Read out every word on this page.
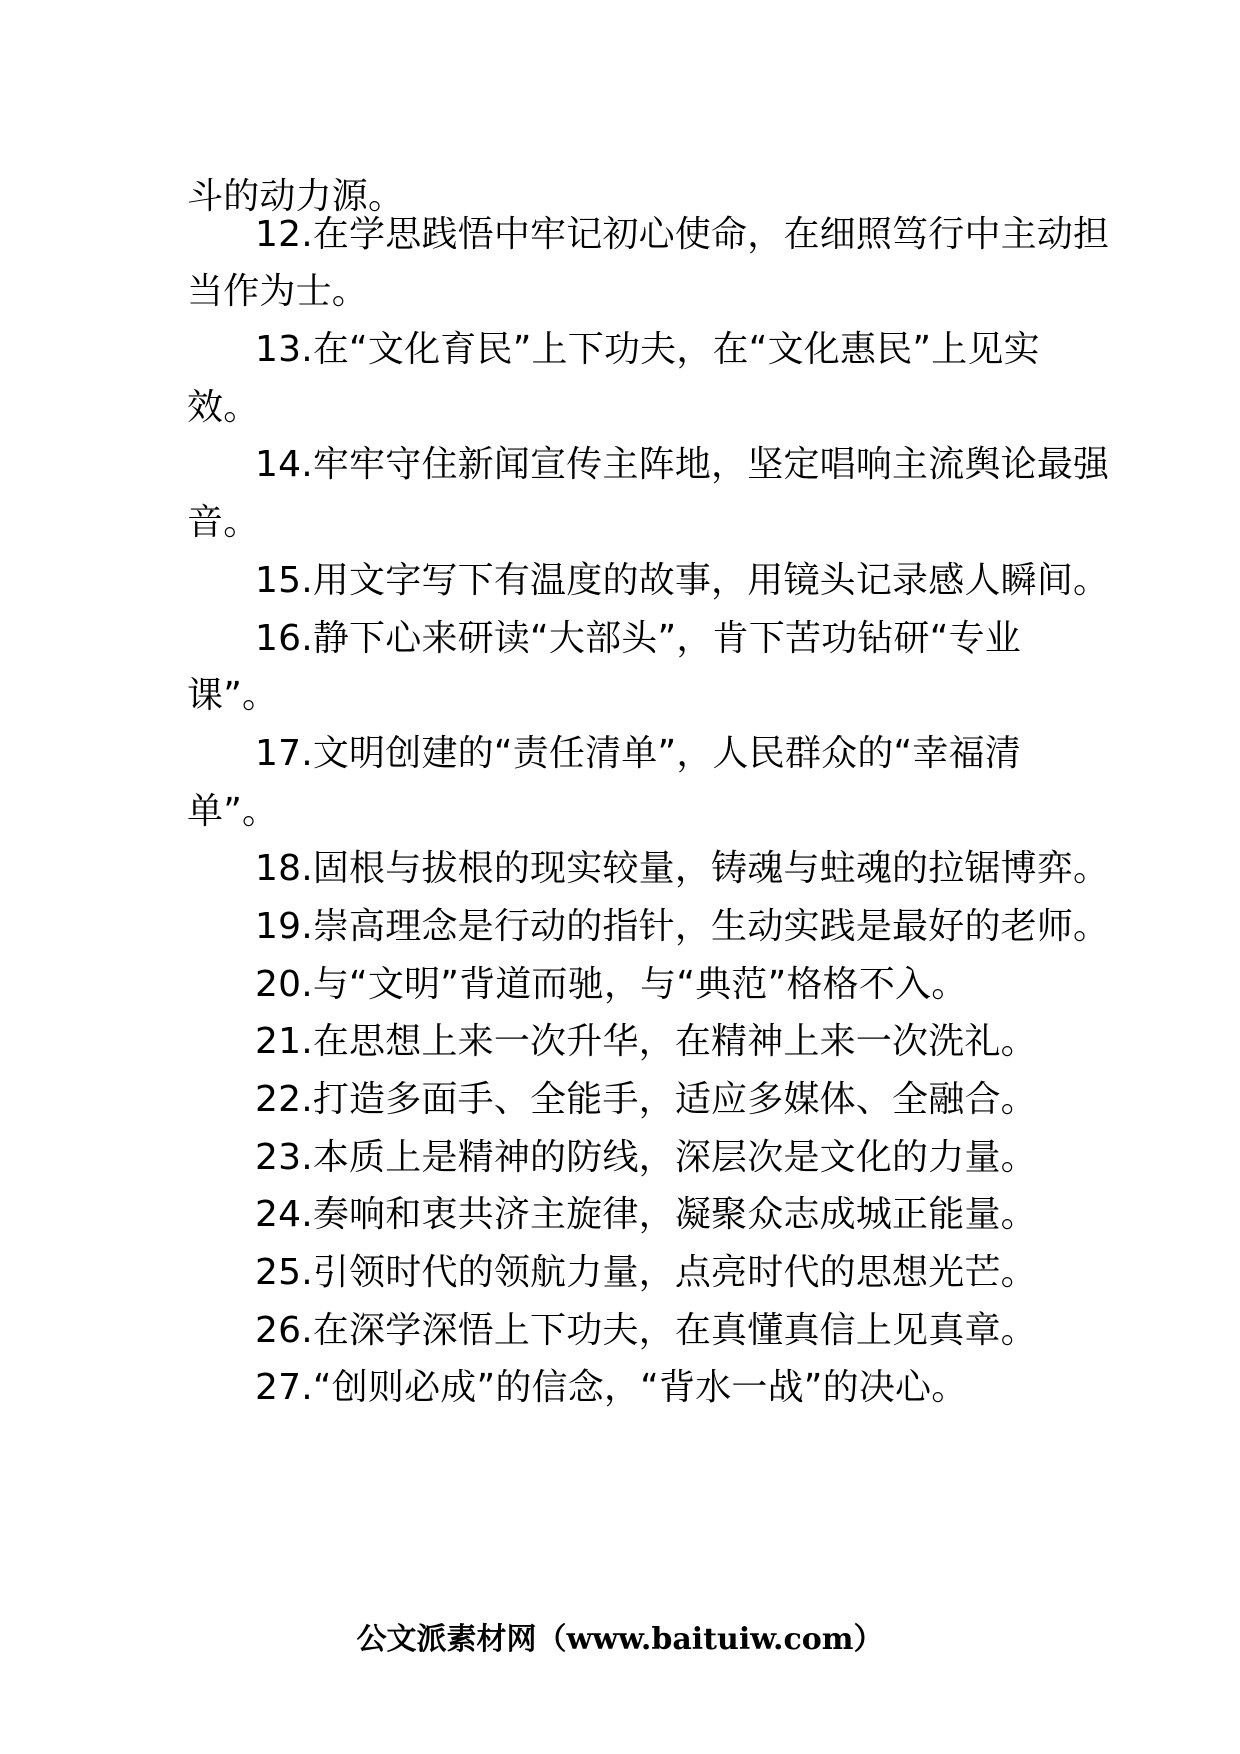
斗的动力源。
12.在学思践悟中牢记初心使命，在细照笃行中主动担
当作为士。
13.在“文化育民”上下功夫，在“文化惠民”上见实
效。
14.牢牢守住新闻宣传主阵地，坚定唱响主流舆论最强
音。
15.用文字写下有温度的故事，用镜头记录感人瞬间。
16.静下心来研读“大部头”，肯下苦功钻研“专业
课”。
17.文明创建的“责任清单”，人民群众的“幸福清
单”。
18.固根与拔根的现实较量，铸魂与蛀魂的拉锯博弈。
19.崇高理念是行动的指针，生动实践是最好的老师。
20.与“文明”背道而驰，与“典范”格格不入。
21.在思想上来一次升华，在精神上来一次洗礼。
22.打造多面手、全能手，适应多媒体、全融合。
23.本质上是精神的防线，深层次是文化的力量。
24.奏响和衷共济主旋律，凝聚众志成城正能量。
25.引领时代的领航力量，点亮时代的思想光芒。
26.在深学深悟上下功夫，在真懂真信上见真章。
27.“创则必成”的信念，“背水一战”的决心。
公文派素材网（www.baituiw.com）
